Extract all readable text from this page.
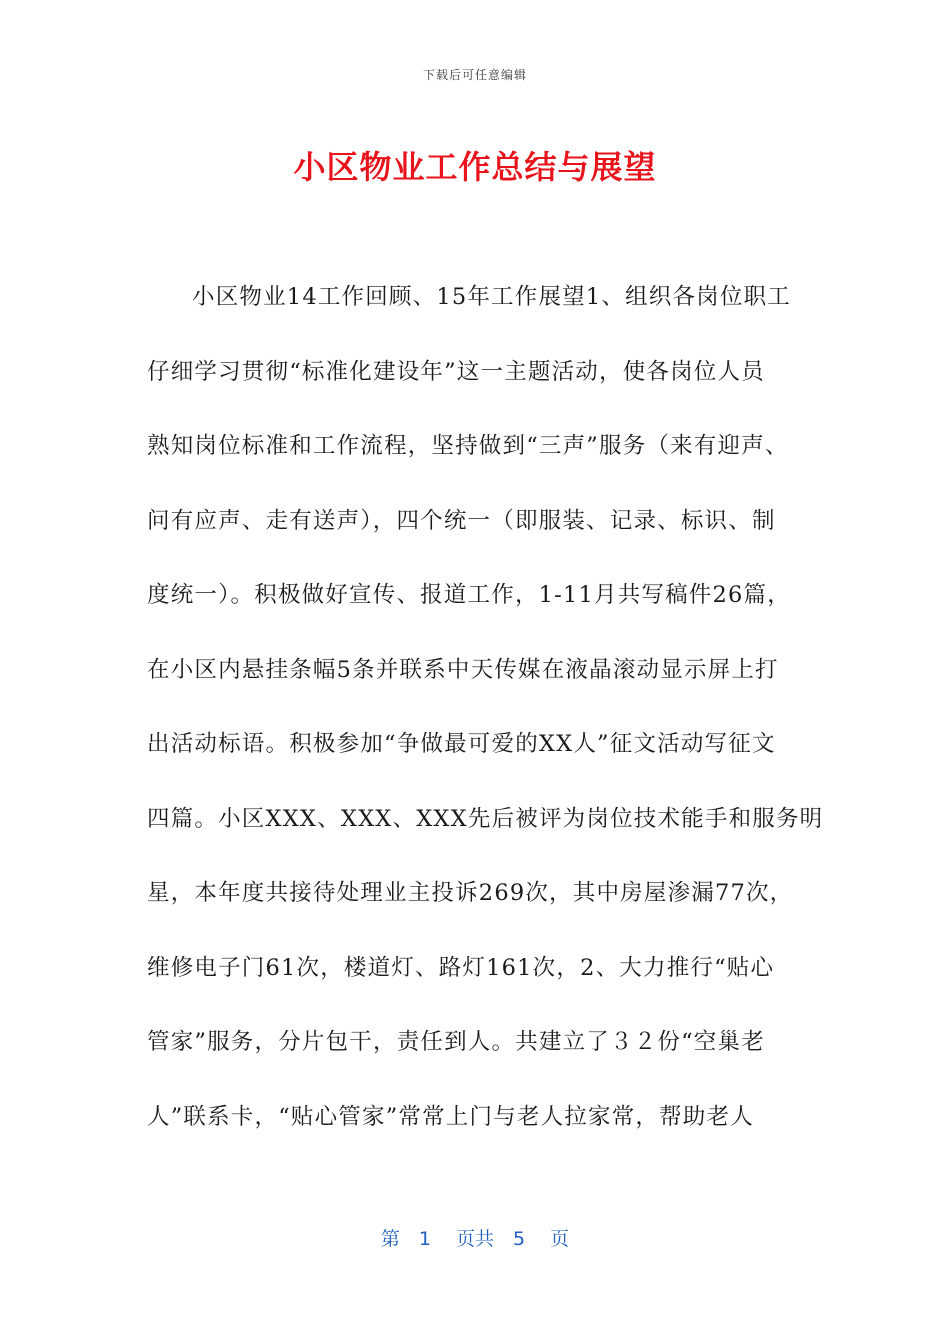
下载后可任意编辑
小区物业工作总结与展望
小区物业14工作回顾、15年工作展望1、组织各岗位职工
仔细学习贯彻“标准化建设年”这一主题活动，使各岗位人员
熟知岗位标准和工作流程，坚持做到“三声”服务（来有迎声、
问有应声、走有送声），四个统一（即服装、记录、标识、制
度统一）。积极做好宣传、报道工作，1-11月共写稿件26篇，
在小区内悬挂条幅5条并联系中天传媒在液晶滚动显示屏上打
出活动标语。积极参加“争做最可爱的XX人”征文活动写征文
四篇。小区XXX、XXX、XXX先后被评为岗位技术能手和服务明
星，本年度共接待处理业主投诉269次，其中房屋渗漏77次，
维修电子门61次，楼道灯、路灯161次，2、大力推行“贴心
管家”服务，分片包干，责任到人。共建立了３２份“空巢老
人”联系卡，“贴心管家”常常上门与老人拉家常，帮助老人
第　1　 页共　5　 页
